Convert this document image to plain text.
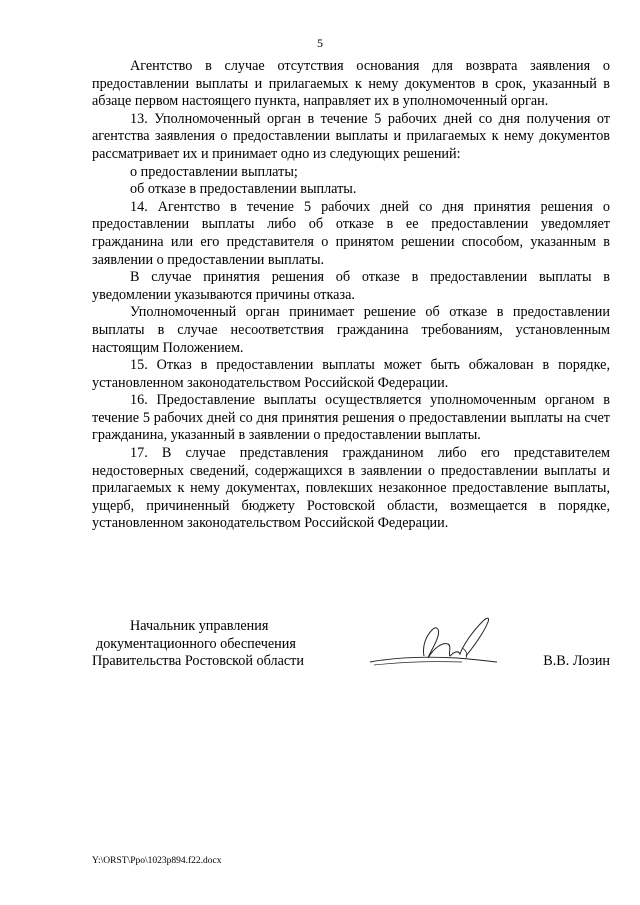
5

Агентство в случае отсутствия основания для возврата заявления о предоставлении выплаты и прилагаемых к нему документов в срок, указанный в абзаце первом настоящего пункта, направляет их в уполномоченный орган.

13. Уполномоченный орган в течение 5 рабочих дней со дня получения от агентства заявления о предоставлении выплаты и прилагаемых к нему документов рассматривает их и принимает одно из следующих решений:

о предоставлении выплаты;

об отказе в предоставлении выплаты.

14. Агентство в течение 5 рабочих дней со дня принятия решения о предоставлении выплаты либо об отказе в ее предоставлении уведомляет гражданина или его представителя о принятом решении способом, указанным в заявлении о предоставлении выплаты.

В случае принятия решения об отказе в предоставлении выплаты в уведомлении указываются причины отказа.

Уполномоченный орган принимает решение об отказе в предоставлении выплаты в случае несоответствия гражданина требованиям, установленным настоящим Положением.

15. Отказ в предоставлении выплаты может быть обжалован в порядке, установленном законодательством Российской Федерации.

16. Предоставление выплаты осуществляется уполномоченным органом в течение 5 рабочих дней со дня принятия решения о предоставлении выплаты на счет гражданина, указанный в заявлении о предоставлении выплаты.

17. В случае представления гражданином либо его представителем недостоверных сведений, содержащихся в заявлении о предоставлении выплаты и прилагаемых к нему документах, повлекших незаконное предоставление выплаты, ущерб, причиненный бюджету Ростовской области, возмещается в порядке, установленном законодательством Российской Федерации.

Начальник управления
документационного обеспечения
Правительства Ростовской области	В.В. Лозин
Y:\ORST\Ppo\1023p894.f22.docx
